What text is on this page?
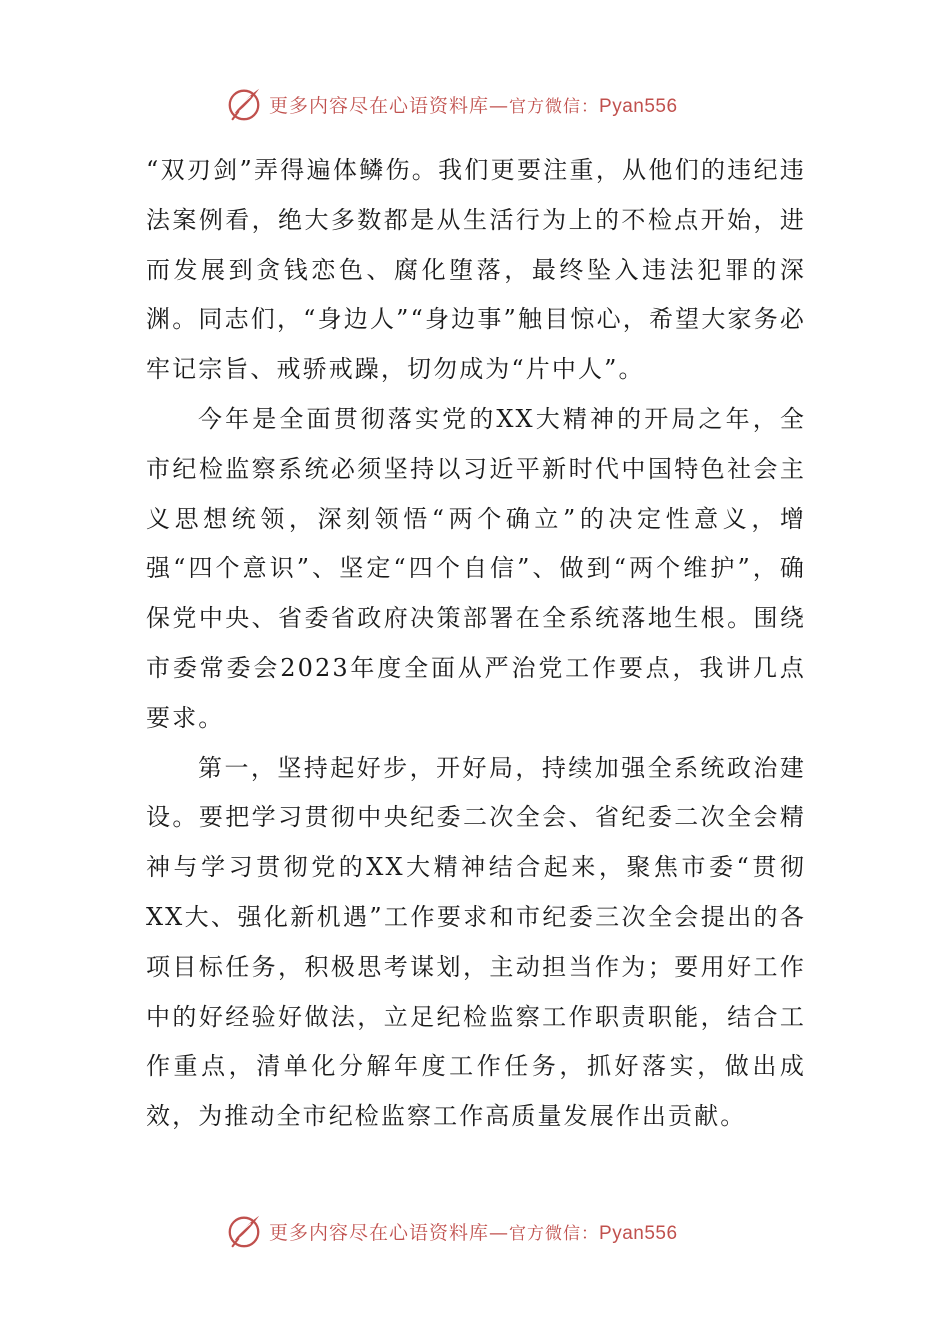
更多内容尽在心语资料库—官方微信：Pyan556

“双刃剑”弄得遍体鳞伤。我们更要注重，从他们的违纪违法案例看，绝大多数都是从生活行为上的不检点开始，进而发展到贪钱恋色、腐化堕落，最终坠入违法犯罪的深渊。同志们，“身边人”“身边事”触目惊心，希望大家务必牢记宗旨、戒骄戒躁，切勿成为“片中人”。

今年是全面贯彻落实党的XX大精神的开局之年，全市纪检监察系统必须坚持以习近平新时代中国特色社会主义思想统领，深刻领悟“两个确立”的决定性意义，增强“四个意识”、坚定“四个自信”、做到“两个维护”，确保党中央、省委省政府决策部署在全系统落地生根。围绕市委常委会2023年度全面从严治党工作要点，我讲几点要求。

第一，坚持起好步，开好局，持续加强全系统政治建设。要把学习贯彻中央纪委二次全会、省纪委二次全会精神与学习贯彻党的XX大精神结合起来，聚焦市委“贯彻XX大、强化新机遇”工作要求和市纪委三次全会提出的各项目标任务，积极思考谋划，主动担当作为；要用好工作中的好经验好做法，立足纪检监察工作职责职能，结合工作重点，清单化分解年度工作任务，抓好落实，做出成效，为推动全市纪检监察工作高质量发展作出贡献。

更多内容尽在心语资料库—官方微信：Pyan556
